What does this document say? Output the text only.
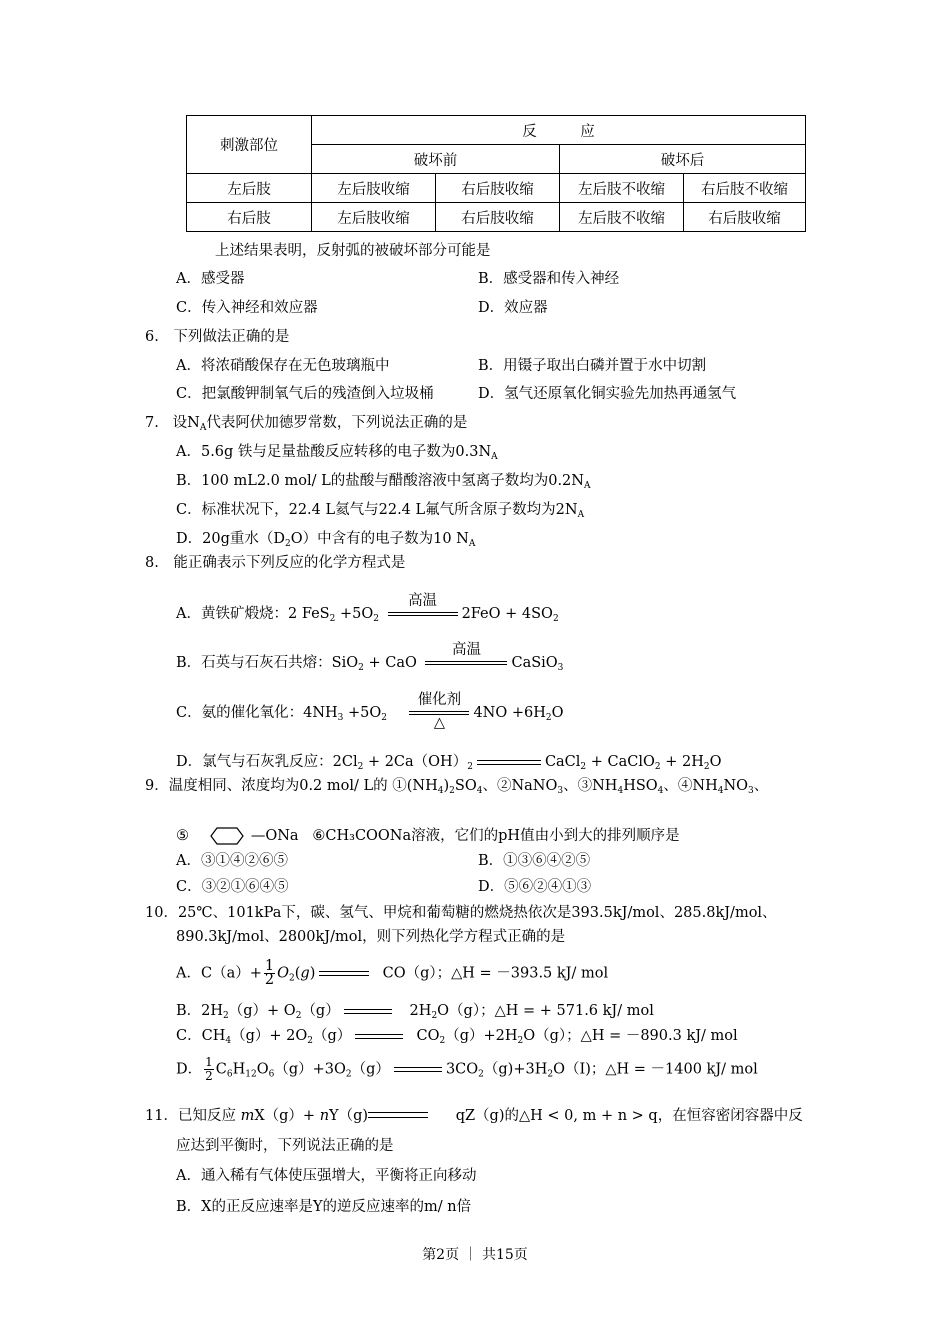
刺激部位	反　　　应			
	破坏前		破坏后	
左后肢	左后肢收缩	右后肢收缩	左后肢不收缩	右后肢不收缩
右后肢	左后肢收缩	右后肢收缩	左后肢不收缩	右后肢收缩
上述结果表明，反射弧的被破坏部分可能是
A．感受器	B．感受器和传入神经
C．传入神经和效应器	D．效应器
6.　下列做法正确的是
A．将浓硝酸保存在无色玻璃瓶中	B．用镊子取出白磷并置于水中切割
C．把氯酸钾制氧气后的残渣倒入垃圾桶	D．氢气还原氧化铜实验先加热再通氢气
7. 设$N_A$代表阿伏加德罗常数，下列说法正确的是
A．5.6g 铁与足量盐酸反应转移的电子数为$0.3N_A$
B．100 mL2.0 mol/ L的盐酸与醋酸溶液中氢离子数均为$0.2N_A$
C．标准状况下，22.4 L氦气与22.4 L氟气所含原子数均为$2N_A$
D．20g重水$(D_2O)$中含有的电子数为10 $N_A$
8.　能正确表示下列反应的化学方程式是
A．黄铁矿煅烧：2 $FeS_2 +5O_2$
高温
$2FeO + 4SO_2$
B．石英与石灰石共熔：SiO$_2$ + CaO
高温
CaSiO$_3$
C．氨的催化氧化：$4NH_3 +5O_2$
催化剂
△
$4NO +6H_2O$
D．氯气与石灰乳反应：$2Cl_2 + 2Ca(OH)_2$	CaCl$_2$ + CaClO$_2$ + $2H_2O$
9．温度相同、浓度均为0.2 mol/ L的 $①(NH_4)_2SO_4$、②NaNO$_3$、$③NH_4HSO_4$、$④NH_4NO_3$、
⑤	—ONa ⑥CH₃COONa溶液，它们的pH值由小到大的排列顺序是
A．③①④②⑥⑤	B．①③⑥④②⑤
C．③②①⑥④⑤	D．⑤⑥②④①③
10．25℃、101kPa下，碳、氢气、甲烷和葡萄糖的燃烧热依次是393.5kJ/mol、285.8kJ/mol、
890.3kJ/mol、2800kJ/mol，则下列热化学方程式正确的是
A．$C(a)+ \frac{1}{2} O_2(g)$	CO（g）；△H = －393.5 kJ/ mol
B．$2H_2(g)+ O_2(g)$	$2H_2O(g)$；△H = + 571.6 kJ/ mol
C．$CH_4(g)+ 2O_2(g)$	$CO_2(g)+2H_2O(g)$；△H = －890.3 kJ/ mol
D． $\frac{1}{2} C_6H_{12}O_6(g)+3O_2(g)$	$3CO_2(g)+3H_2O(I)$；△H = －1400 kJ/ mol
11．已知反应 mX（g）+ nY（g)	qZ（g)的△H < 0, m + n > q，在恒容密闭容器中反
应达到平衡时，下列说法正确的是
A．通入稀有气体使压强增大，平衡将正向移动
B．X的正反应速率是Y的逆反应速率的m/ n倍
第2页 ｜ 共15页
